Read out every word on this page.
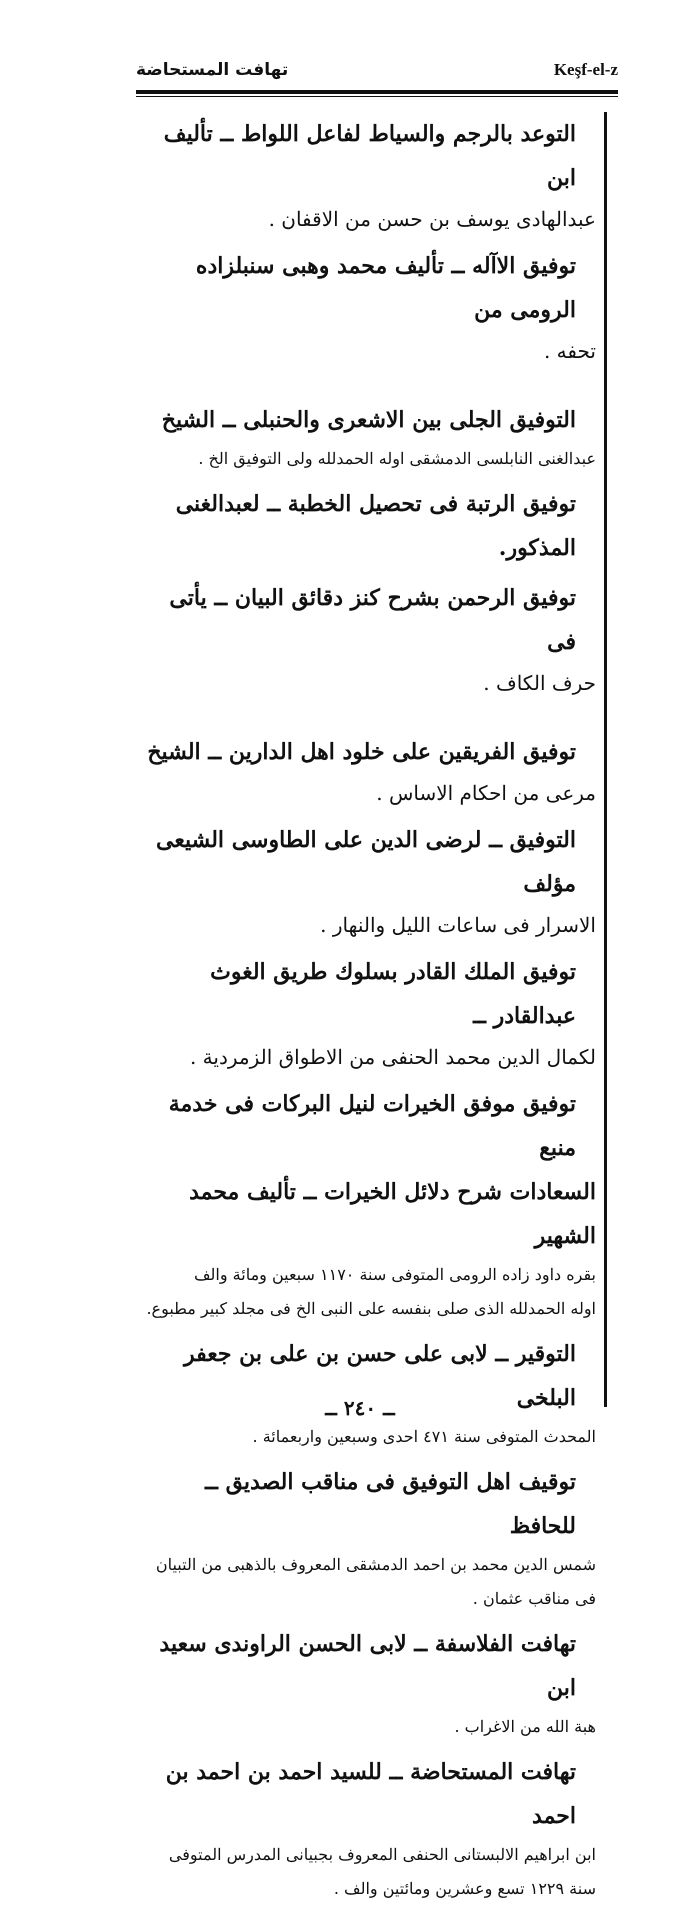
تهافت المستحاضة	Keşf-el-z
التوعد بالرجم والسياط لفاعل اللواط ــ تأليف ابن
عبدالهادى يوسف بن حسن من الاقفان .
توفيق الاآله ــ تأليف محمد وهبى سنبلزاده الرومى من
تحفه .
التوفيق الجلى بين الاشعرى والحنبلى ــ الشيخ
عبدالغنى النابلسى الدمشقى اوله الحمدلله ولى التوفيق الخ .
توفيق الرتبة فى تحصيل الخطبة ــ لعبدالغنى المذكور.
توفيق الرحمن بشرح كنز دقائق البيان ــ يأتى فى
حرف الكاف .
توفيق الفريقين على خلود اهل الدارين ــ الشيخ
مرعى من احكام الاساس .
التوفيق ــ لرضى الدين على الطاوسى الشيعى مؤلف
الاسرار فى ساعات الليل والنهار .
توفيق الملك القادر بسلوك طريق الغوث عبدالقادر ــ
لكمال الدين محمد الحنفى من الاطواق الزمردية .
توفيق موفق الخيرات لنيل البركات فى خدمة منبع
السعادات شرح دلائل الخيرات ــ تأليف محمد الشهير
بقره داود زاده الرومى المتوفى سنة ١١٧٠ سبعين ومائة والف
اوله الحمدلله الذى صلى بنفسه على النبى الخ فى مجلد كبير مطبوع.
التوقير ــ لابى على حسن بن على بن جعفر البلخى
المحدث المتوفى سنة ٤٧١ احدى وسبعين واربعمائة .
توقيف اهل التوفيق فى مناقب الصديق ــ للحافظ
شمس الدين محمد بن احمد الدمشقى المعروف بالذهبى من التبيان
فى مناقب عثمان .
تهافت الفلاسفة ــ لابى الحسن الراوندى سعيد ابن
هبة الله من الاغراب .
تهافت المستحاضة ــ للسيد احمد بن احمد بن احمد
ابن ابراهيم الالبستانى الحنفى المعروف بجبيانى المدرس المتوفى
سنة ١٢٢٩ تسع وعشرين ومائتين والف .
ــ ٢٤٠ ــ
